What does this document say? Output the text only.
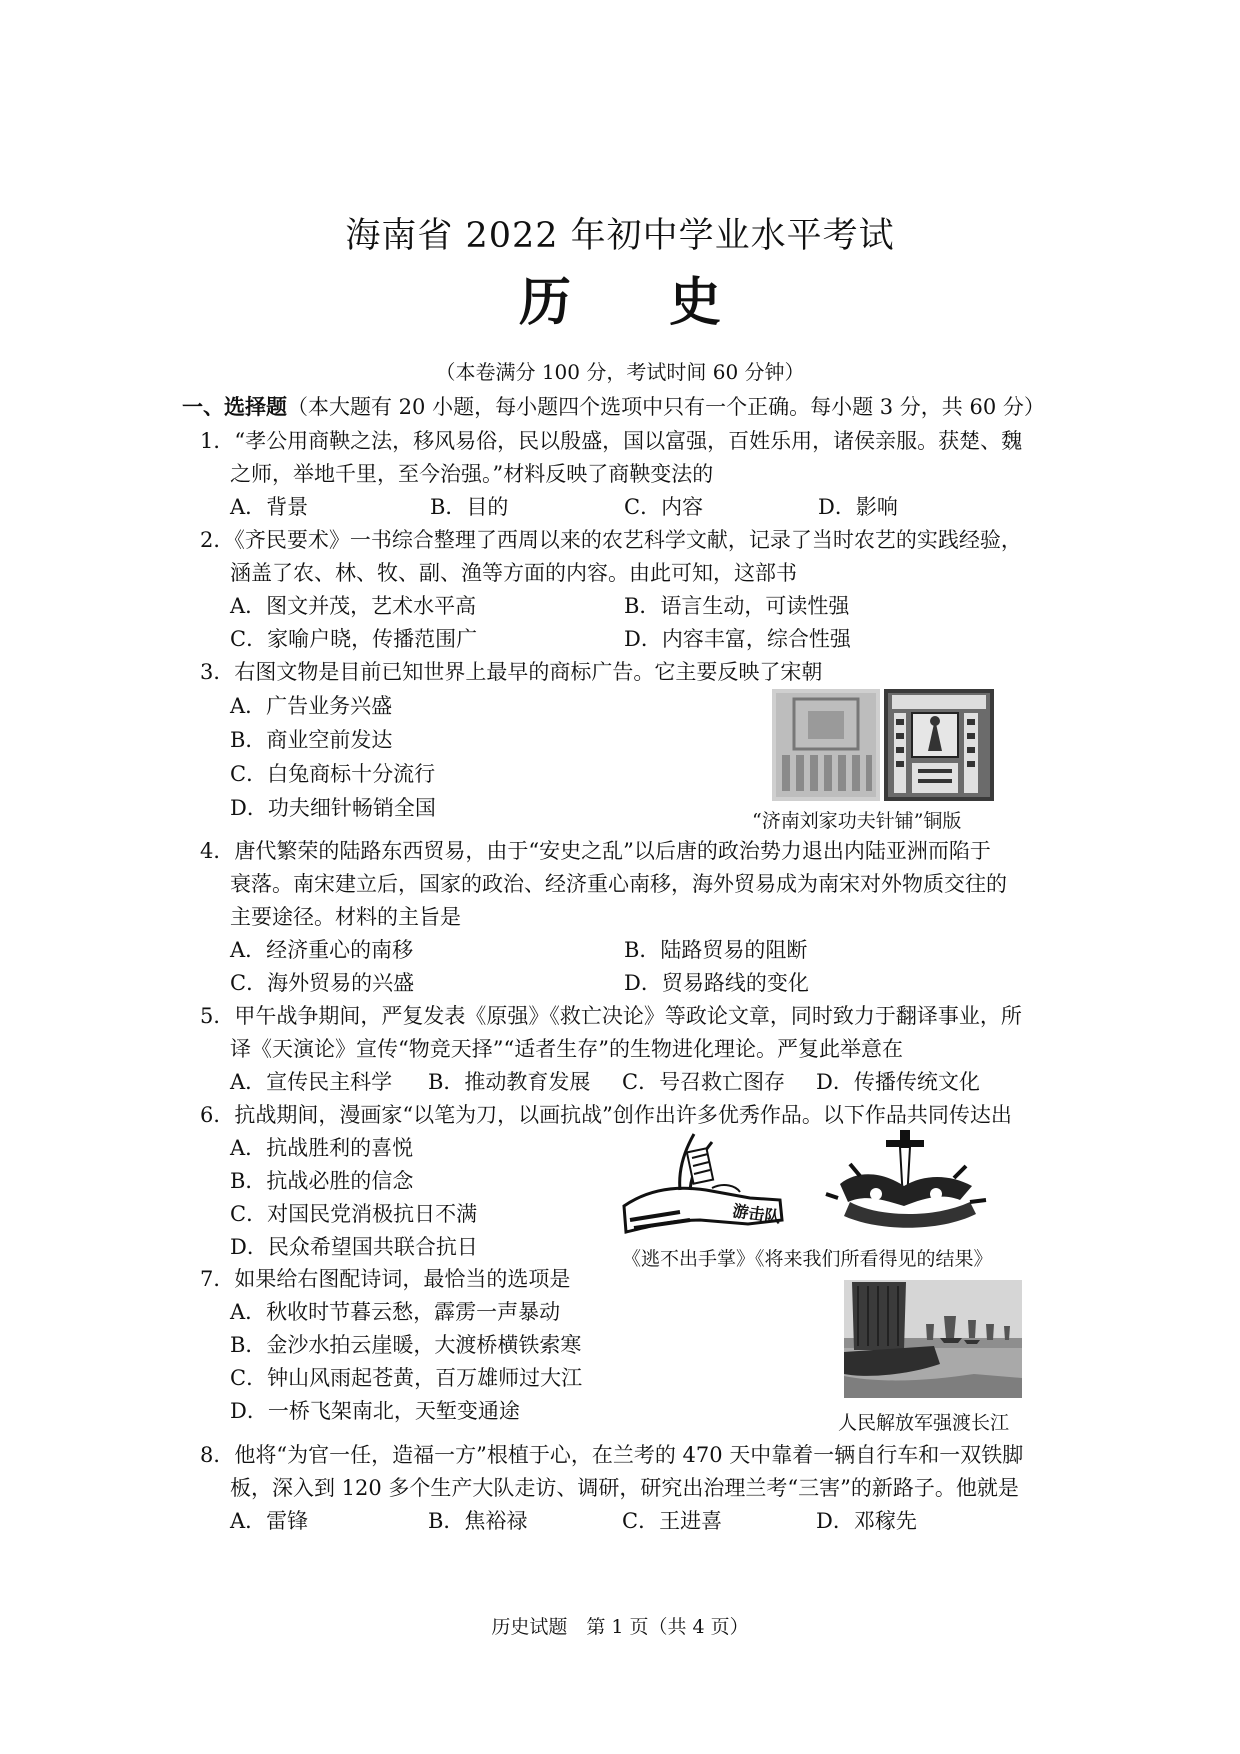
海南省 2022 年初中学业水平考试
历 史
（本卷满分 100 分，考试时间 60 分钟）
一、选择题（本大题有 20 小题，每小题四个选项中只有一个正确。每小题 3 分，共 60 分）
1．“孝公用商鞅之法，移风易俗，民以殷盛，国以富强，百姓乐用，诸侯亲服。获楚、魏
之师，举地千里，至今治强。”材料反映了商鞅变法的
A．背景	B．目的	C．内容	D．影响
2．《齐民要术》一书综合整理了西周以来的农艺科学文献，记录了当时农艺的实践经验，
涵盖了农、林、牧、副、渔等方面的内容。由此可知，这部书
A．图文并茂，艺术水平高	B．语言生动，可读性强
C．家喻户晓，传播范围广	D．内容丰富，综合性强
3．右图文物是目前已知世界上最早的商标广告。它主要反映了宋朝
A．广告业务兴盛
B．商业空前发达
C．白兔商标十分流行
D．功夫细针畅销全国
“济南刘家功夫针铺”铜版
4．唐代繁荣的陆路东西贸易，由于“安史之乱”以后唐的政治势力退出内陆亚洲而陷于
衰落。南宋建立后，国家的政治、经济重心南移，海外贸易成为南宋对外物质交往的
主要途径。材料的主旨是
A．经济重心的南移	B．陆路贸易的阻断
C．海外贸易的兴盛	D．贸易路线的变化
5．甲午战争期间，严复发表《原强》《救亡决论》等政论文章，同时致力于翻译事业，所
译《天演论》宣传“物竞天择”“适者生存”的生物进化理论。严复此举意在
A．宣传民主科学 B．推动教育发展 C．号召救亡图存 D．传播传统文化
6．抗战期间，漫画家“以笔为刀，以画抗战”创作出许多优秀作品。以下作品共同传达出
A．抗战胜利的喜悦
B．抗战必胜的信念
C．对国民党消极抗日不满
D．民众希望国共联合抗日
游击队
《逃不出手掌》《将来我们所看得见的结果》
7．如果给右图配诗词，最恰当的选项是
A．秋收时节暮云愁，霹雳一声暴动
B．金沙水拍云崖暖，大渡桥横铁索寒
C．钟山风雨起苍黄，百万雄师过大江
D．一桥飞架南北，天堑变通途	人民解放军强渡长江
8．他将“为官一任，造福一方”根植于心，在兰考的 470 天中靠着一辆自行车和一双铁脚
板，深入到 120 多个生产大队走访、调研，研究出治理兰考“三害”的新路子。他就是
A．雷锋	B．焦裕禄	C．王进喜	D．邓稼先
历史试题　第 1 页（共 4 页）
